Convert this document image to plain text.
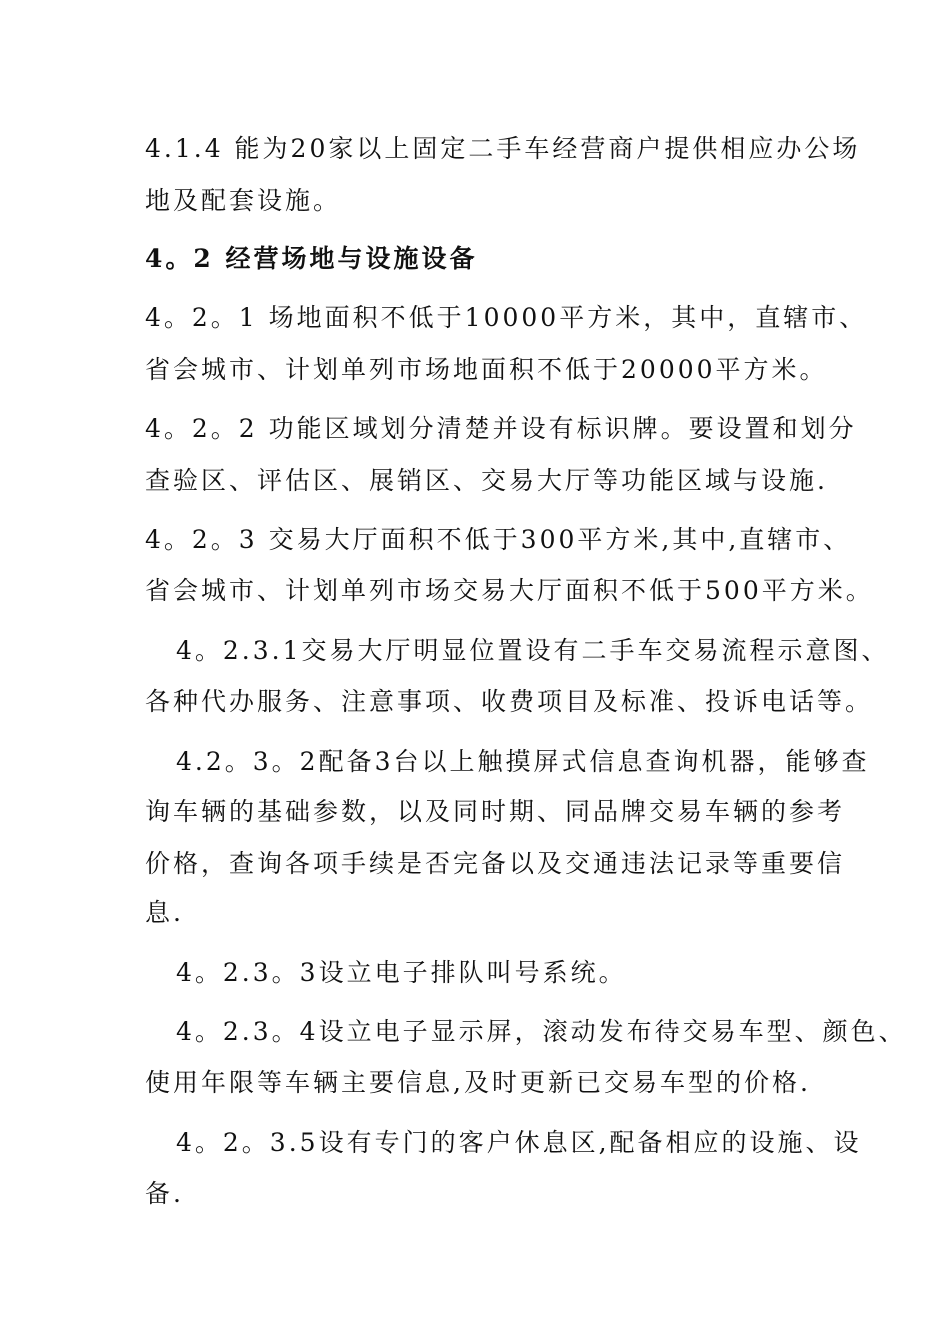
4.1.4 能为20家以上固定二手车经营商户提供相应办公场
地及配套设施。
4。2 经营场地与设施设备
4。2。1 场地面积不低于10000平方米，其中，直辖市、
省会城市、计划单列市场地面积不低于20000平方米。
4。2。2 功能区域划分清楚并设有标识牌。要设置和划分
查验区、评估区、展销区、交易大厅等功能区域与设施.
4。2。3 交易大厅面积不低于300平方米,其中,直辖市、
省会城市、计划单列市场交易大厅面积不低于500平方米。
4。2.3.1交易大厅明显位置设有二手车交易流程示意图、
各种代办服务、注意事项、收费项目及标准、投诉电话等。
4.2。3。2配备3台以上触摸屏式信息查询机器，能够查
询车辆的基础参数，以及同时期、同品牌交易车辆的参考
价格，查询各项手续是否完备以及交通违法记录等重要信
息.
4。2.3。3设立电子排队叫号系统。
4。2.3。4设立电子显示屏，滚动发布待交易车型、颜色、
使用年限等车辆主要信息,及时更新已交易车型的价格.
4。2。3.5设有专门的客户休息区,配备相应的设施、设
备.
